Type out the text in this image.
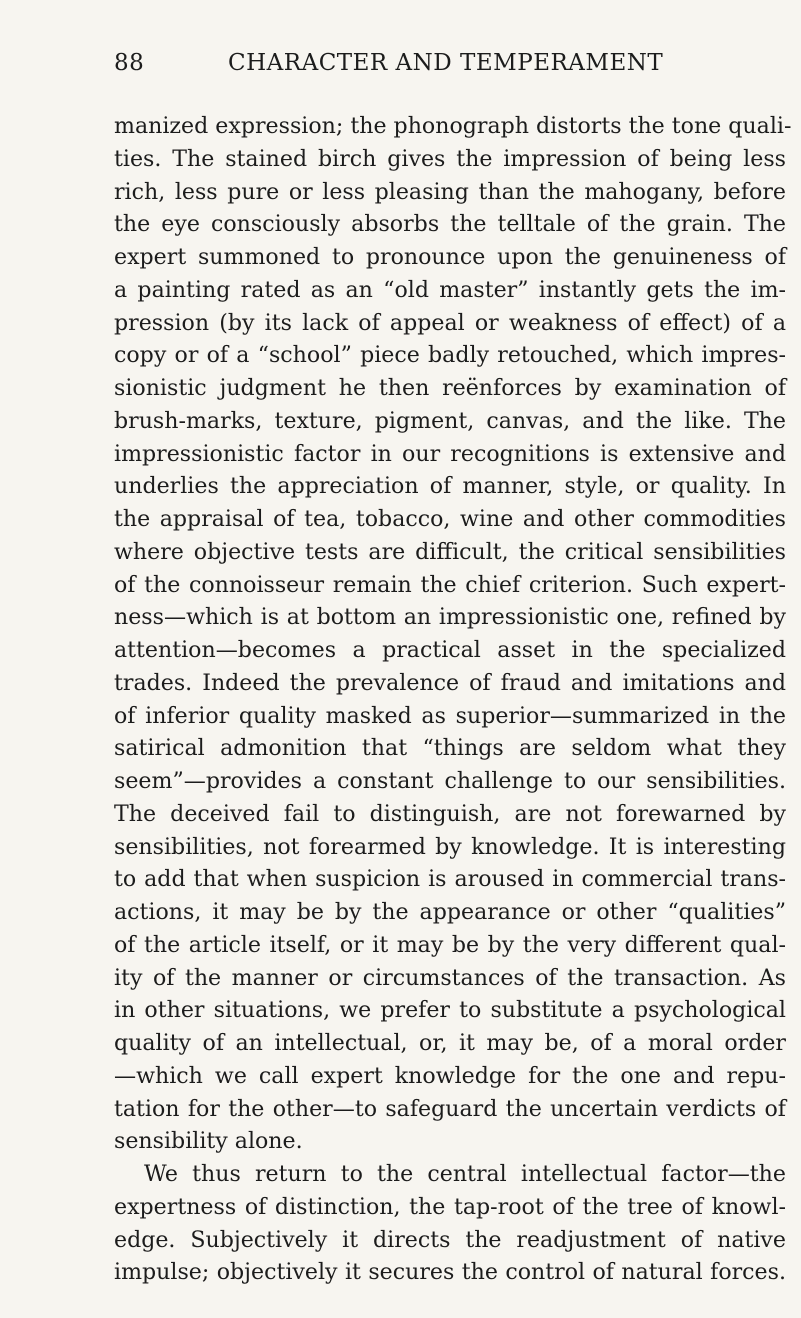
88	CHARACTER AND TEMPERAMENT
manized expression; the phonograph distorts the tone quali-
ties. The stained birch gives the impression of being less
rich, less pure or less pleasing than the mahogany, before
the eye consciously absorbs the telltale of the grain. The
expert summoned to pronounce upon the genuineness of
a painting rated as an “old master” instantly gets the im-
pression (by its lack of appeal or weakness of effect) of a
copy or of a “school” piece badly retouched, which impres-
sionistic judgment he then reënforces by examination of
brush-marks, texture, pigment, canvas, and the like. The
impressionistic factor in our recognitions is extensive and
underlies the appreciation of manner, style, or quality. In
the appraisal of tea, tobacco, wine and other commodities
where objective tests are difficult, the critical sensibilities
of the connoisseur remain the chief criterion. Such expert-
ness—which is at bottom an impressionistic one, refined by
attention—becomes a practical asset in the specialized
trades. Indeed the prevalence of fraud and imitations and
of inferior quality masked as superior—summarized in the
satirical admonition that “things are seldom what they
seem”—provides a constant challenge to our sensibilities.
The deceived fail to distinguish, are not forewarned by
sensibilities, not forearmed by knowledge. It is interesting
to add that when suspicion is aroused in commercial trans-
actions, it may be by the appearance or other “qualities”
of the article itself, or it may be by the very different qual-
ity of the manner or circumstances of the transaction. As
in other situations, we prefer to substitute a psychological
quality of an intellectual, or, it may be, of a moral order
—which we call expert knowledge for the one and repu-
tation for the other—to safeguard the uncertain verdicts of
sensibility alone.
We thus return to the central intellectual factor—the
expertness of distinction, the tap-root of the tree of knowl-
edge. Subjectively it directs the readjustment of native
impulse; objectively it secures the control of natural forces.
